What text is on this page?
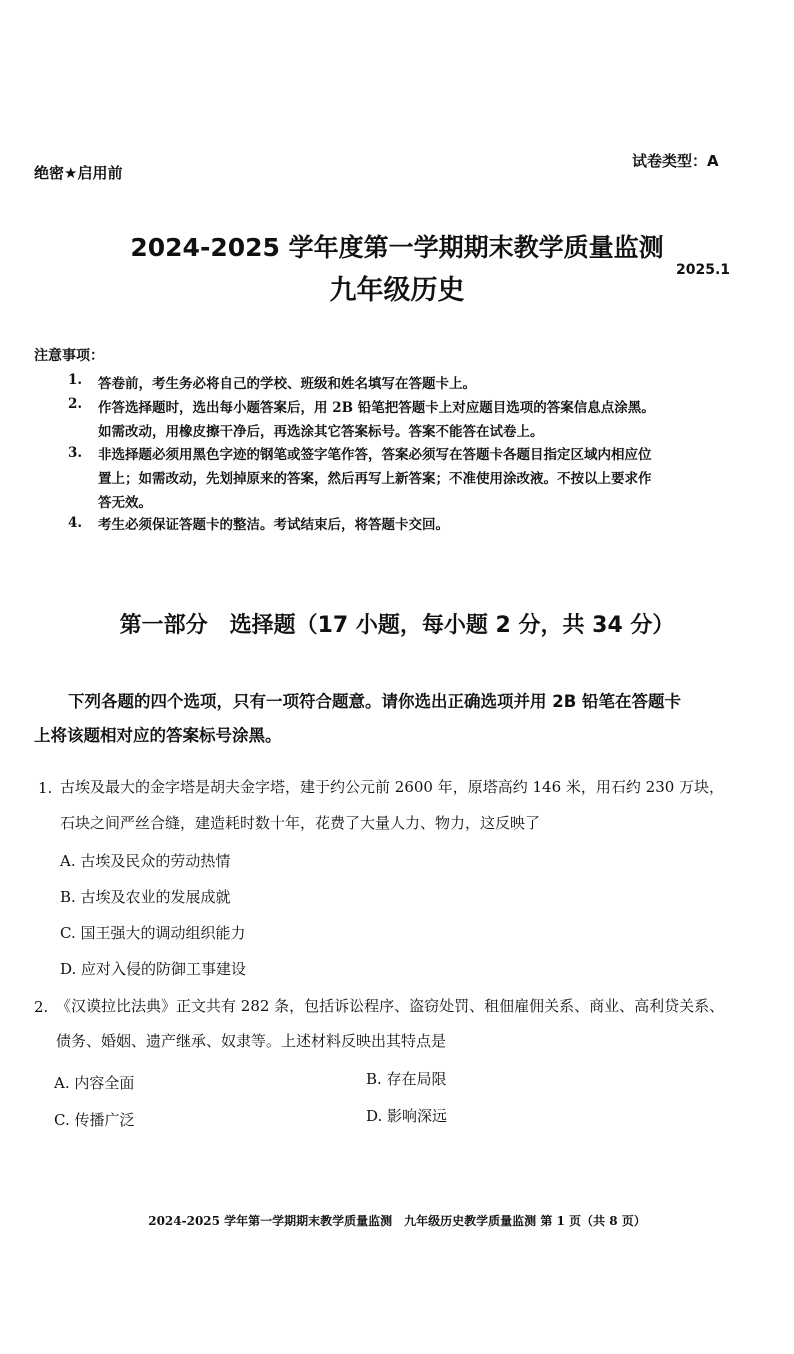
绝密★启用前
试卷类型：A
2024-2025 学年度第一学期期末教学质量监测
2025.1
九年级历史
注意事项：
1. 答卷前，考生务必将自己的学校、班级和姓名填写在答题卡上。
2. 作答选择题时，选出每小题答案后，用 2B 铅笔把答题卡上对应题目选项的答案信息点涂黑。
如需改动，用橡皮擦干净后，再选涂其它答案标号。答案不能答在试卷上。
3. 非选择题必须用黑色字迹的钢笔或签字笔作答，答案必须写在答题卡各题目指定区域内相应位
置上；如需改动，先划掉原来的答案，然后再写上新答案；不准使用涂改液。不按以上要求作
答无效。
4. 考生必须保证答题卡的整洁。考试结束后，将答题卡交回。
第一部分　选择题（17 小题，每小题 2 分，共 34 分）
下列各题的四个选项，只有一项符合题意。请你选出正确选项并用 2B 铅笔在答题卡
上将该题相对应的答案标号涂黑。
1. 古埃及最大的金字塔是胡夫金字塔，建于约公元前 2600 年，原塔高约 146 米，用石约 230 万块，
石块之间严丝合缝，建造耗时数十年，花费了大量人力、物力，这反映了
A. 古埃及民众的劳动热情
B. 古埃及农业的发展成就
C. 国王强大的调动组织能力
D. 应对入侵的防御工事建设
2. 《汉谟拉比法典》正文共有 282 条，包括诉讼程序、盗窃处罚、租佃雇佣关系、商业、高利贷关系、
债务、婚姻、遗产继承、奴隶等。上述材料反映出其特点是
A. 内容全面	B. 存在局限
C. 传播广泛	D. 影响深远
2024-2025 学年第一学期期末教学质量监测　九年级历史教学质量监测 第 1 页（共 8 页）
